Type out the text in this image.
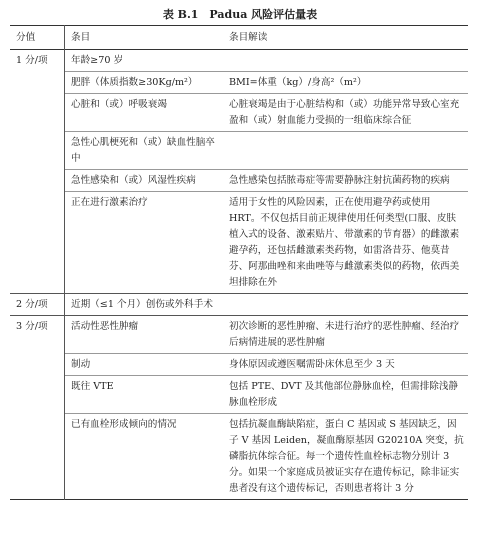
表 B.1　Padua 风险评估量表
分值	条目	条目解读
1 分/项	年龄≥70 岁	
	肥胖（体质指数≥30Kg/m²）	BMI=体重（kg）/身高²（m²）
	心脏和（或）呼吸衰竭	心脏衰竭是由于心脏结构和（或）功能异常导致心室充盈和（或）射血能力受损的一组临床综合征
	急性心肌梗死和（或）缺血性脑卒中	
	急性感染和（或）风湿性疾病	急性感染包括脓毒症等需要静脉注射抗菌药物的疾病
	正在进行激素治疗	适用于女性的风险因素，正在使用避孕药或使用 HRT。不仅包括目前正规律使用任何类型(口服、皮肤植入式的设备、激素贴片、带激素的节育器）的雌激素避孕药，还包括雌激素类药物，如雷洛昔芬、他莫昔芬、阿那曲唑和来曲唑等与雌激素类似的药物，依西美坦排除在外
2 分/项	近期（≤1 个月）创伤或外科手术	
3 分/项	活动性恶性肿瘤	初次诊断的恶性肿瘤、未进行治疗的恶性肿瘤、经治疗后病情进展的恶性肿瘤
	制动	身体原因或遵医嘱需卧床休息至少 3 天
	既往 VTE	包括 PTE、DVT 及其他部位静脉血栓，但需排除浅静脉血栓形成
	已有血栓形成倾向的情况	包括抗凝血酶缺陷症，蛋白 C 基因或 S 基因缺乏，因子 V 基因 Leiden，凝血酶原基因 G20210A 突变，抗磷脂抗体综合征。每一个遗传性血栓标志物分别计 3 分。如果一个家庭成员被证实存在遗传标记，除非证实患者没有这个遗传标记，否则患者将计 3 分
